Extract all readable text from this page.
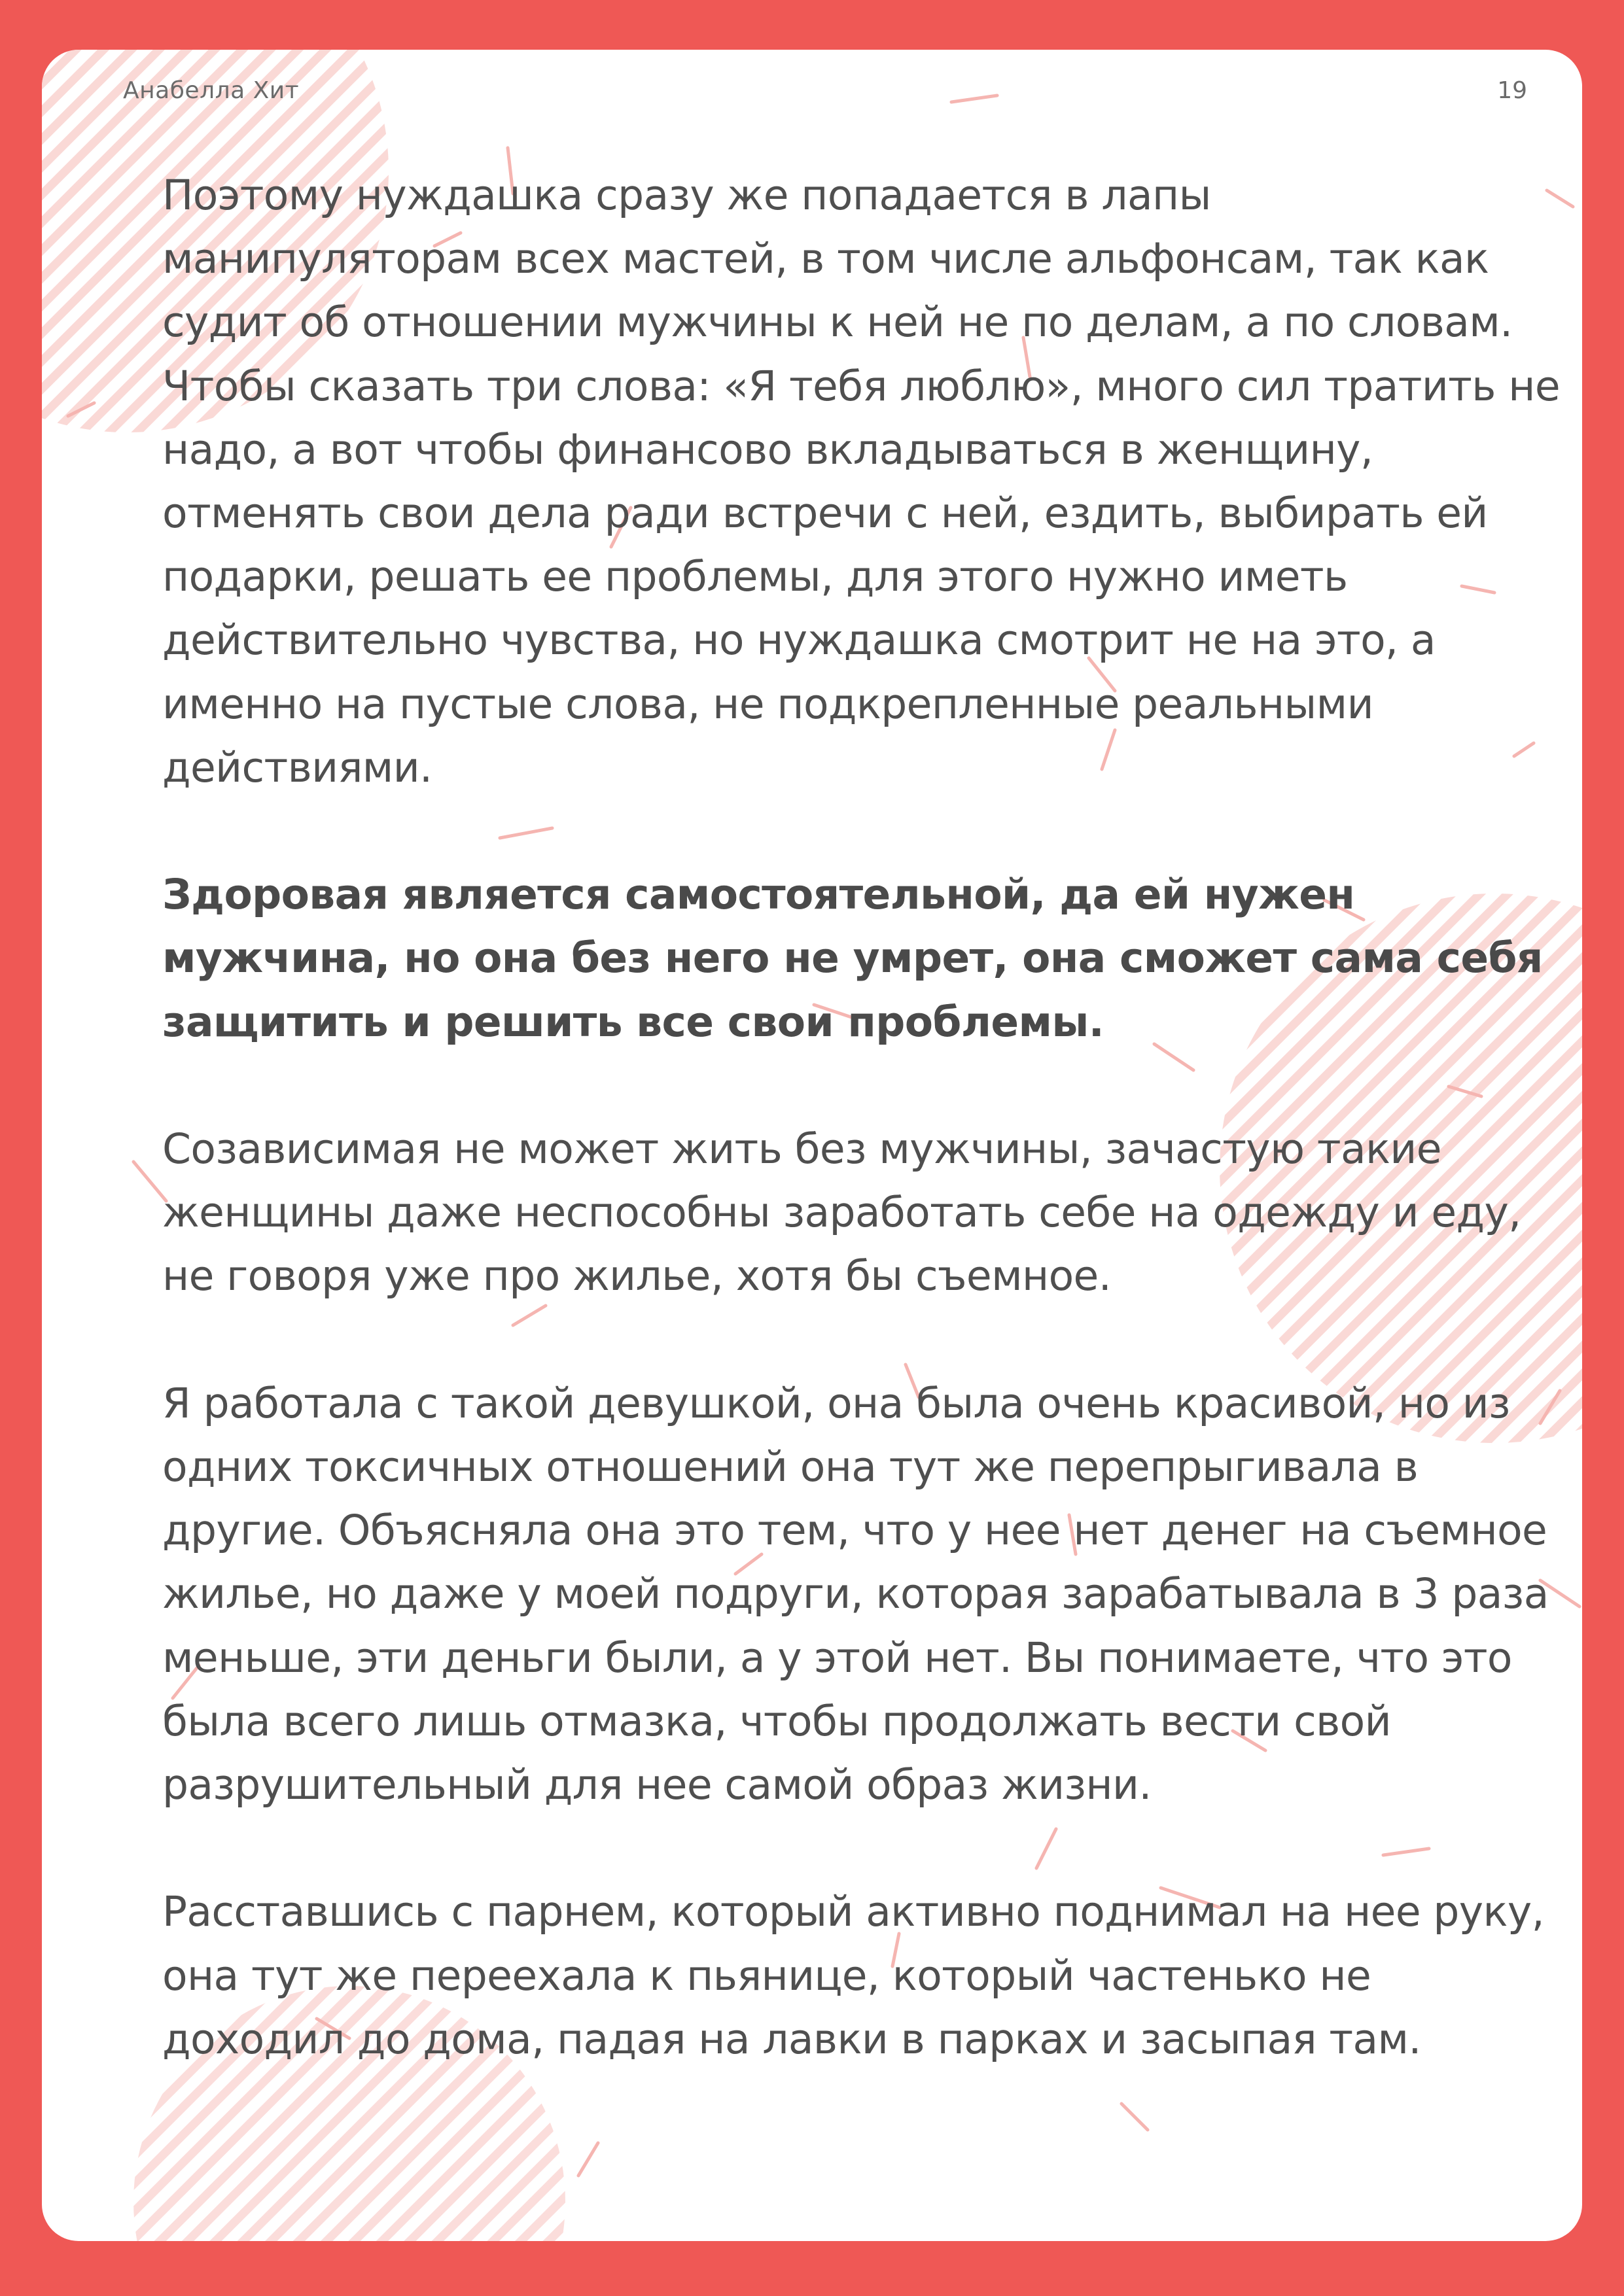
Анабелла Хит	19

Поэтому нуждашка сразу же попадается в лапы манипуляторам всех мастей, в том числе альфонсам, так как судит об отношении мужчины к ней не по делам, а по словам. Чтобы сказать три слова: «Я тебя люблю», много сил тратить не надо, а вот чтобы финансово вкладываться в женщину, отменять свои дела ради встречи с ней, ездить, выбирать ей подарки, решать ее проблемы, для этого нужно иметь действительно чувства, но нуждашка смотрит не на это, а именно на пустые слова, не подкрепленные реальными действиями.

Здоровая является самостоятельной, да ей нужен мужчина, но она без него не умрет, она сможет сама себя защитить и решить все свои проблемы.

Созависимая не может жить без мужчины, зачастую такие женщины даже неспособны заработать себе на одежду и еду, не говоря уже про жилье, хотя бы съемное.

Я работала с такой девушкой, она была очень красивой, но из одних токсичных отношений она тут же перепрыгивала в другие. Объясняла она это тем, что у нее нет денег на съемное жилье, но даже у моей подруги, которая зарабатывала в 3 раза меньше, эти деньги были, а у этой нет. Вы понимаете, что это была всего лишь отмазка, чтобы продолжать вести свой разрушительный для нее самой образ жизни.

Расставшись с парнем, который активно поднимал на нее руку, она тут же переехала к пьянице, который частенько не доходил до дома, падая на лавки в парках и засыпая там.
